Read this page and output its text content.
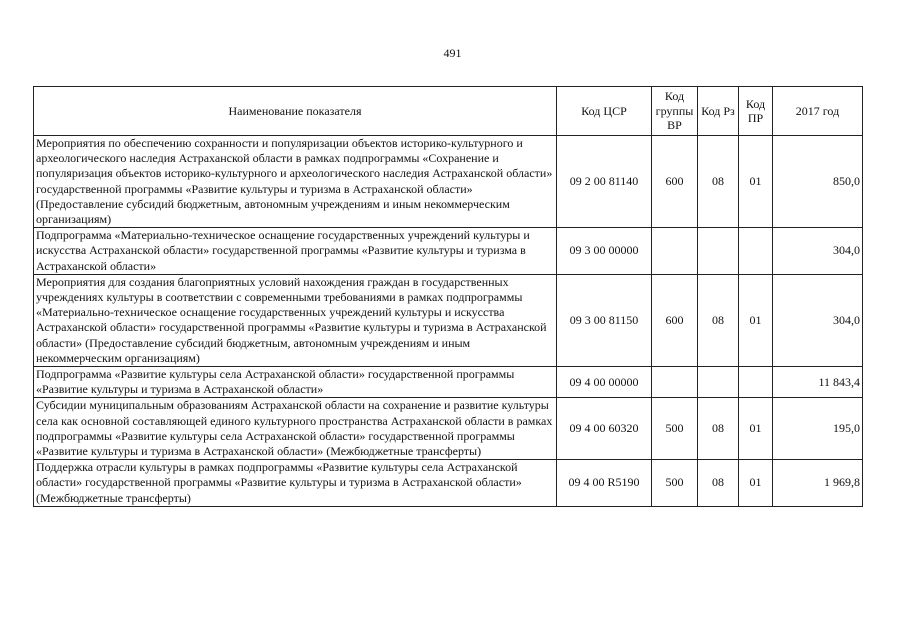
491
Наименование показателя	Код ЦСР	Код группы ВР	Код Рз	Код ПР	2017 год
Мероприятия по обеспечению сохранности и популяризации объектов историко-культурного и археологического наследия Астраханской области в рамках подпрограммы «Сохранение и популяризация объектов историко-культурного и археологического наследия Астраханской области» государственной программы «Развитие культуры и туризма в Астраханской области» (Предоставление субсидий бюджетным, автономным учреждениям и иным некоммерческим организациям)	09 2 00 81140	600	08	01	850,0
Подпрограмма «Материально-техническое оснащение государственных учреждений культуры и искусства Астраханской области» государственной программы «Развитие культуры и туризма в Астраханской области»	09 3 00 00000				304,0
Мероприятия для создания благоприятных условий нахождения граждан в государственных учреждениях культуры в соответствии с современными требованиями в рамках подпрограммы «Материально-техническое оснащение государственных учреждений культуры и искусства Астраханской области» государственной программы «Развитие культуры и туризма в Астраханской области» (Предоставление субсидий бюджетным, автономным учреждениям и иным некоммерческим организациям)	09 3 00 81150	600	08	01	304,0
Подпрограмма «Развитие культуры села Астраханской области» государственной программы «Развитие культуры и туризма в Астраханской области»	09 4 00 00000				11 843,4
Субсидии муниципальным образованиям Астраханской области на сохранение и развитие культуры села как основной составляющей единого культурного пространства Астраханской области в рамках подпрограммы «Развитие культуры села Астраханской области» государственной программы «Развитие культуры и туризма в Астраханской области» (Межбюджетные трансферты)	09 4 00 60320	500	08	01	195,0
Поддержка отрасли культуры в рамках подпрограммы «Развитие культуры села Астраханской области» государственной программы «Развитие культуры и туризма в Астраханской области» (Межбюджетные трансферты)	09 4 00 R5190	500	08	01	1 969,8
